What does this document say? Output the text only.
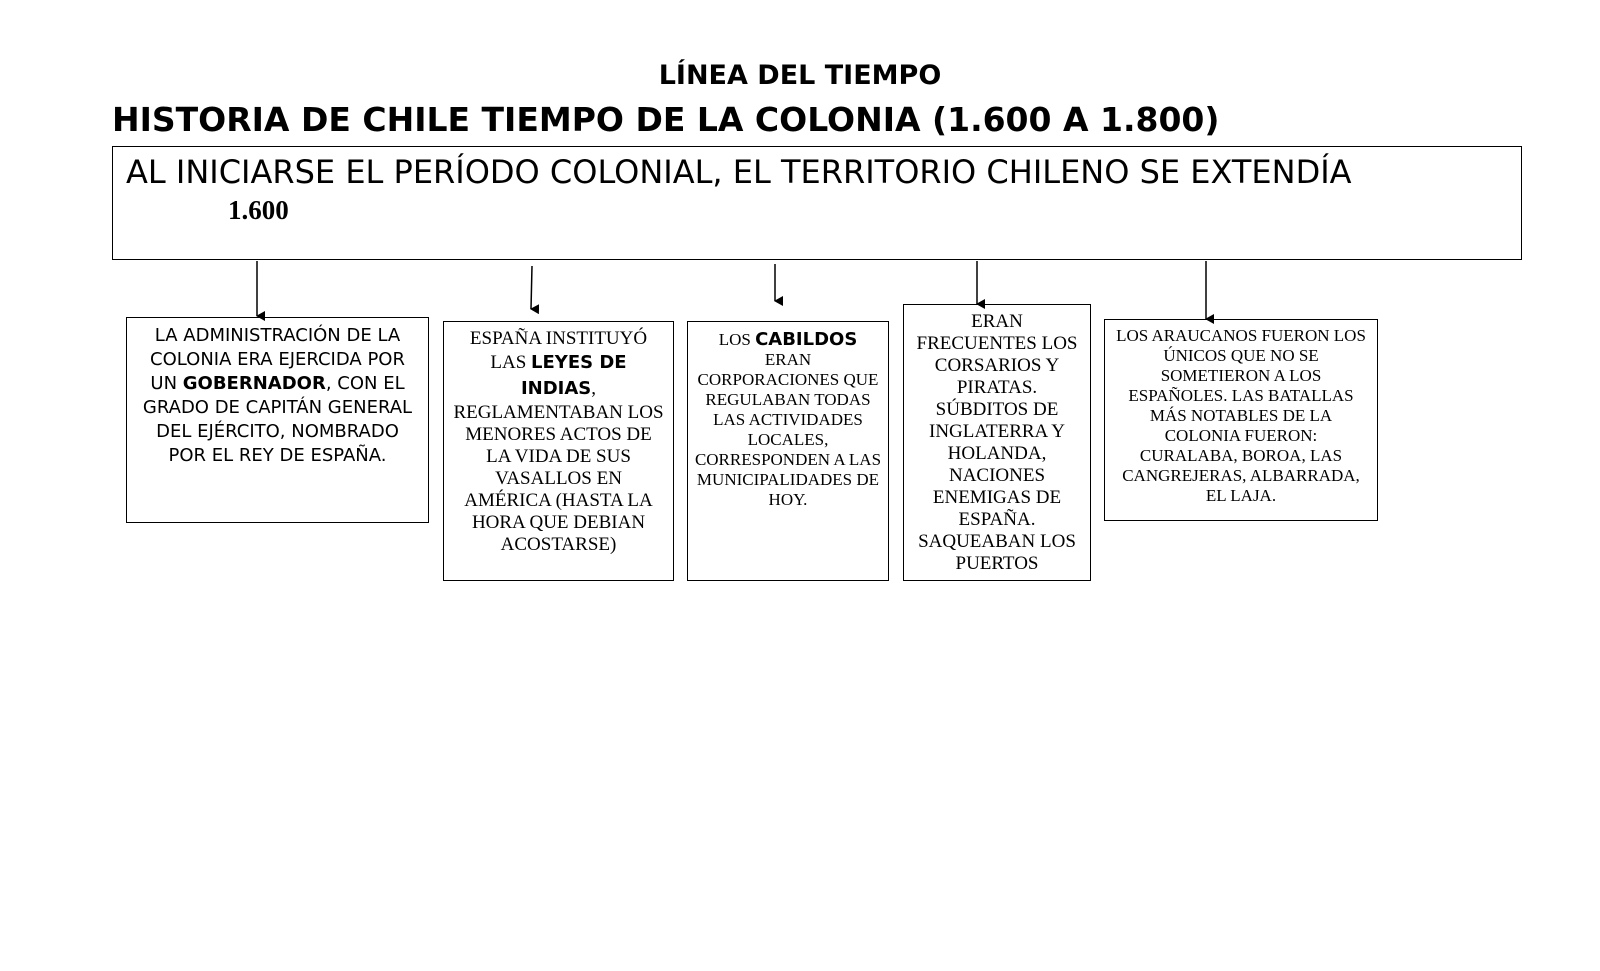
LÍNEA DEL TIEMPO
HISTORIA DE CHILE TIEMPO DE LA COLONIA (1.600 A 1.800)
AL INICIARSE EL PERÍODO COLONIAL, EL TERRITORIO CHILENO SE EXTENDÍA
1.600
LA ADMINISTRACIÓN DE LA COLONIA ERA EJERCIDA POR UN GOBERNADOR, CON EL GRADO DE CAPITÁN GENERAL DEL EJÉRCITO, NOMBRADO POR EL REY DE ESPAÑA.
ESPAÑA INSTITUYÓ LAS LEYES DE INDIAS, REGLAMENTABAN LOS MENORES ACTOS DE LA VIDA DE SUS VASALLOS EN AMÉRICA (HASTA LA HORA QUE DEBIAN ACOSTARSE)
LOS CABILDOS ERAN CORPORACIONES QUE REGULABAN TODAS LAS ACTIVIDADES LOCALES, CORRESPONDEN A LAS MUNICIPALIDADES DE HOY.
ERAN FRECUENTES LOS CORSARIOS Y PIRATAS. SÚBDITOS DE INGLATERRA Y HOLANDA, NACIONES ENEMIGAS DE ESPAÑA. SAQUEABAN LOS PUERTOS
LOS ARAUCANOS FUERON LOS ÚNICOS QUE NO SE SOMETIERON A LOS ESPAÑOLES. LAS BATALLAS MÁS NOTABLES DE LA COLONIA FUERON: CURALABA, BOROA, LAS CANGREJERAS, ALBARRADA, EL LAJA.
